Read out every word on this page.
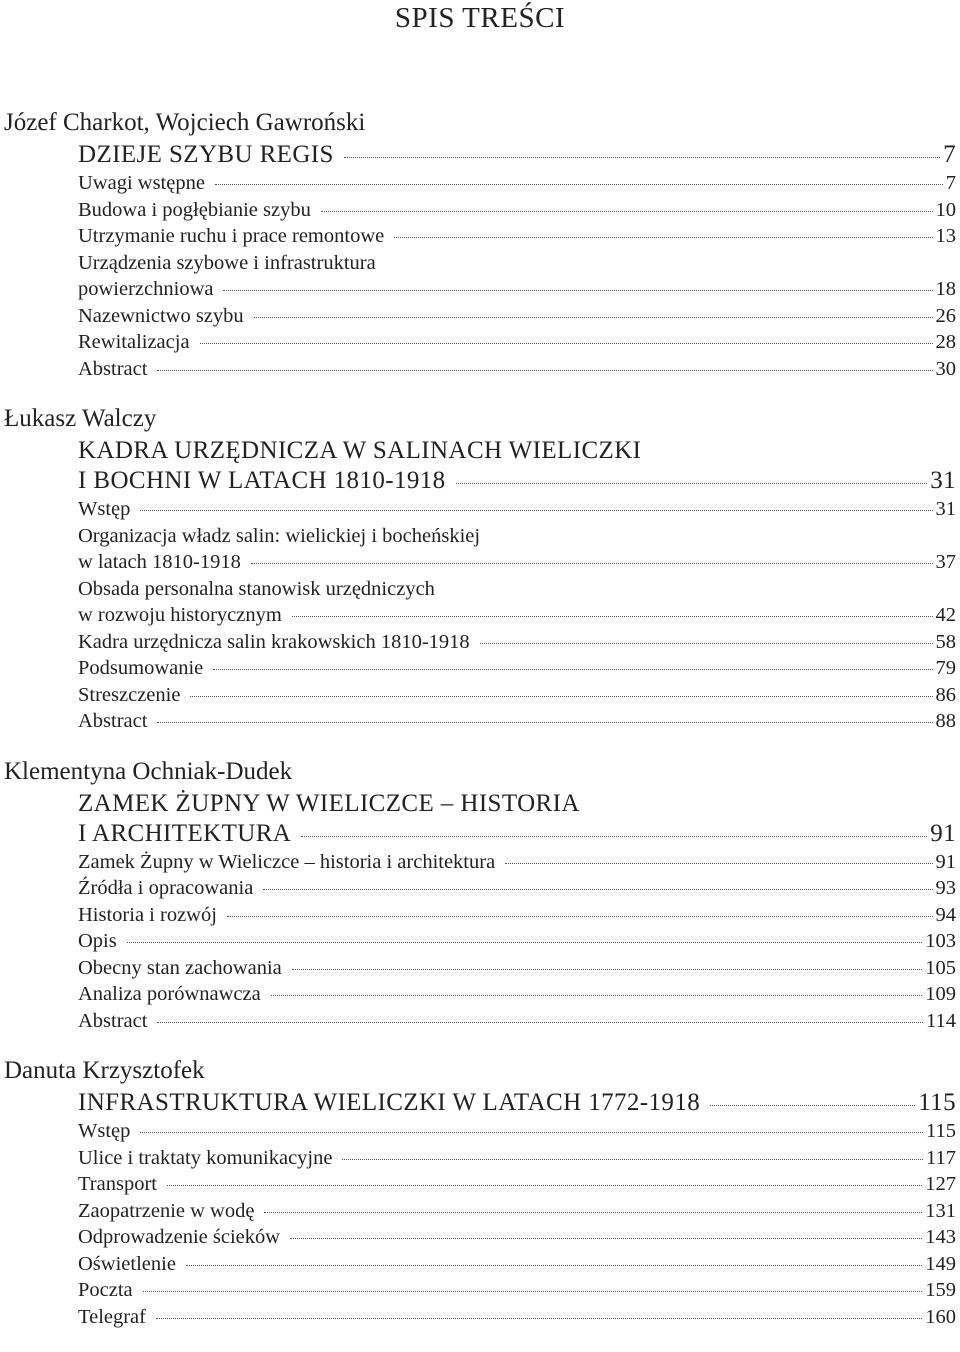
SPIS TREŚCI
Józef Charkot, Wojciech Gawroński
DZIEJE SZYBU REGIS	7
Uwagi wstępne	7
Budowa i pogłębianie szybu	10
Utrzymanie ruchu i prace remontowe	13
Urządzenia szybowe i infrastruktura
powierzchniowa	18
Nazewnictwo szybu	26
Rewitalizacja	28
Abstract	30
Łukasz Walczy
KADRA URZĘDNICZA W SALINACH WIELICZKI
I BOCHNI W LATACH 1810-1918	31
Wstęp	31
Organizacja władz salin: wielickiej i bocheńskiej
w latach 1810-1918	37
Obsada personalna stanowisk urzędniczych
w rozwoju historycznym	42
Kadra urzędnicza salin krakowskich 1810-1918	58
Podsumowanie	79
Streszczenie	86
Abstract	88
Klementyna Ochniak-Dudek
ZAMEK ŻUPNY W WIELICZCE – HISTORIA
I ARCHITEKTURA	91
Zamek Żupny w Wieliczce – historia i architektura	91
Źródła i opracowania	93
Historia i rozwój	94
Opis	103
Obecny stan zachowania	105
Analiza porównawcza	109
Abstract	114
Danuta Krzysztofek
INFRASTRUKTURA WIELICZKI W LATACH 1772-1918	115
Wstęp	115
Ulice i traktaty komunikacyjne	117
Transport	127
Zaopatrzenie w wodę	131
Odprowadzenie ścieków	143
Oświetlenie	149
Poczta	159
Telegraf	160
